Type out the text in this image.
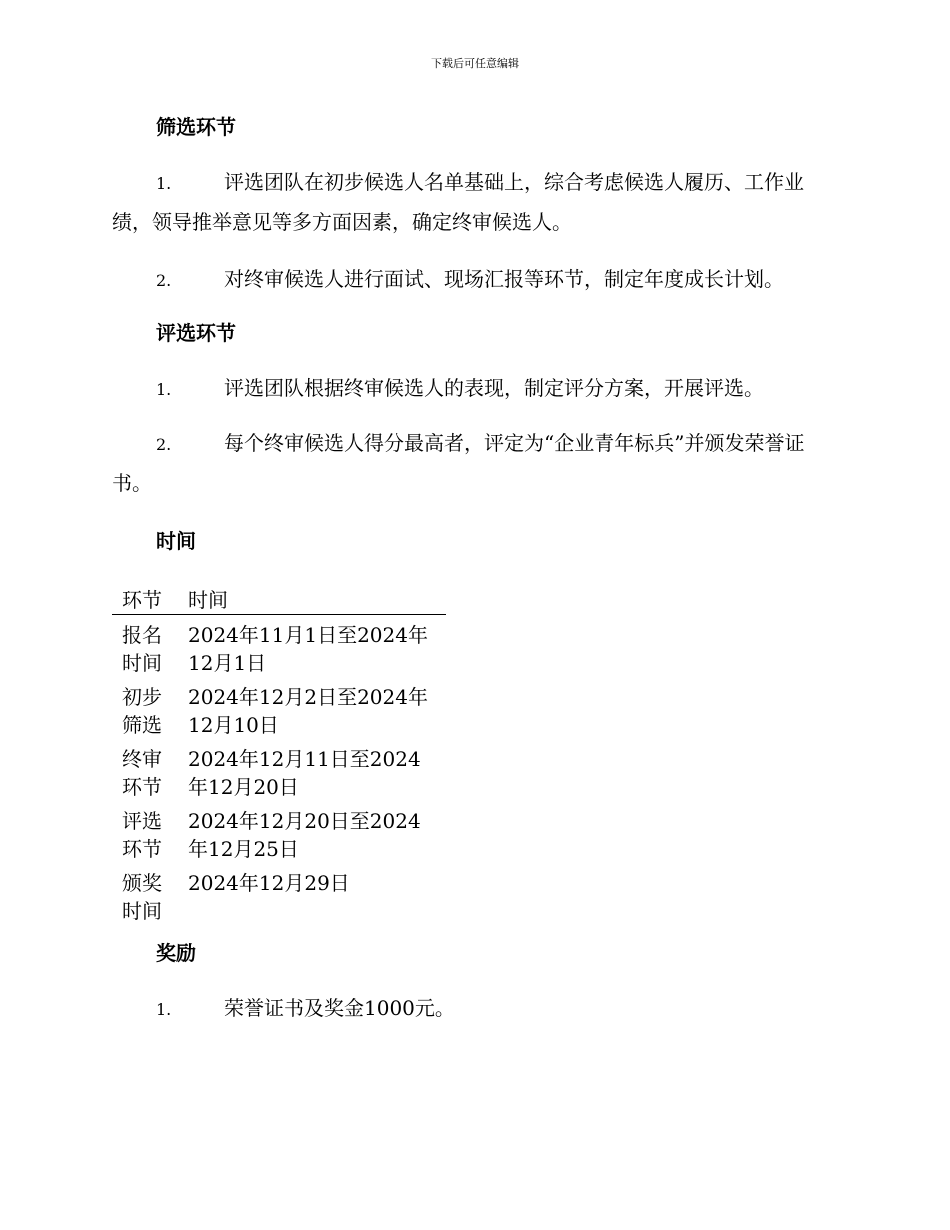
下载后可任意编辑
筛选环节
1.	评选团队在初步候选人名单基础上，综合考虑候选人履历、工作业绩，领导推举意见等多方面因素，确定终审候选人。
2.	对终审候选人进行面试、现场汇报等环节，制定年度成长计划。
评选环节
1.	评选团队根据终审候选人的表现，制定评分方案，开展评选。
2.	每个终审候选人得分最高者，评定为“企业青年标兵”并颁发荣誉证书。
时间
环节	时间
报名时间	2024年11月1日至2024年12月1日
初步筛选	2024年12月2日至2024年12月10日
终审环节	2024年12月11日至2024年12月20日
评选环节	2024年12月20日至2024年12月25日
颁奖时间	2024年12月29日
奖励
1.	荣誉证书及奖金1000元。
